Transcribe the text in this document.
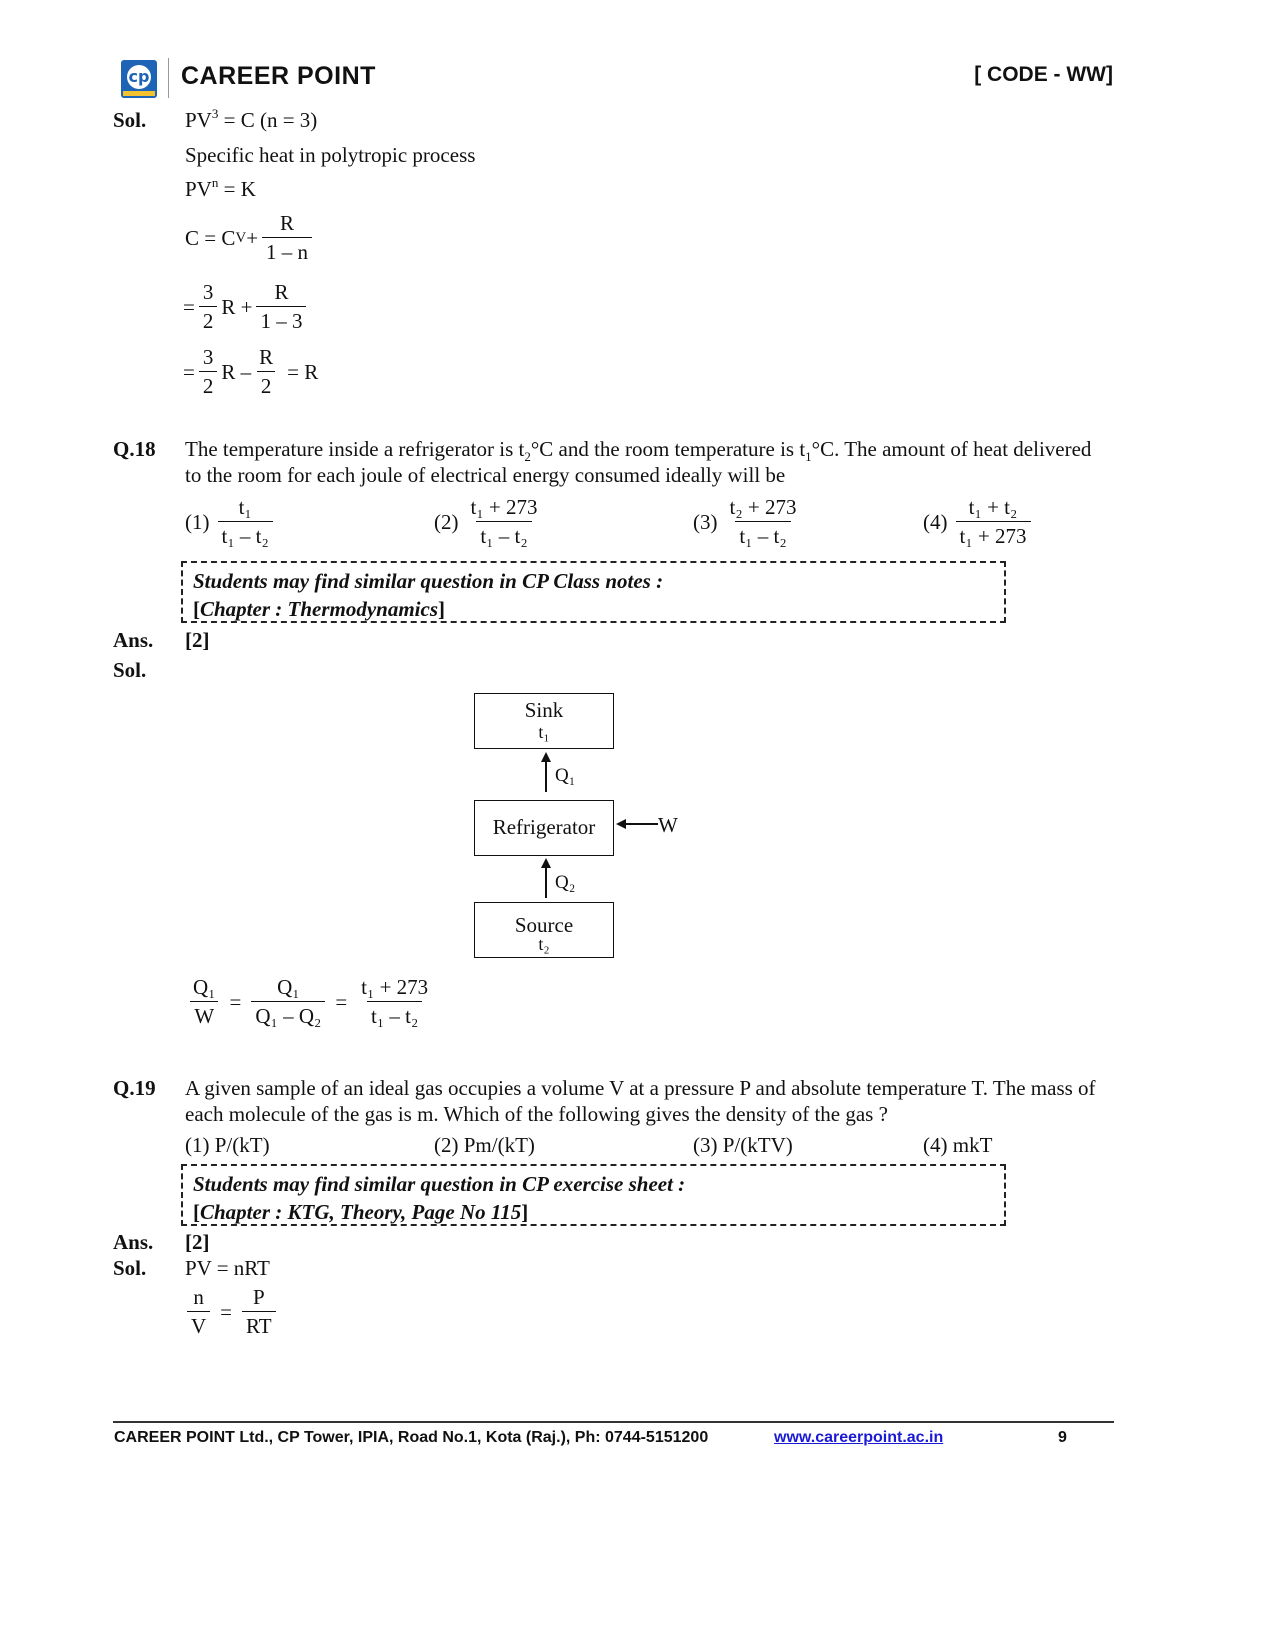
cp CAREER POINT	[ CODE - WW]
Sol. $PV^3 = C$ (n = 3)
Specific heat in polytropic process
$PV^n = K$
C = C $V + \frac{R}{1 - n}$
= $\frac{3}{2}$ $R + \frac{R}{1 - 3}$
= $\frac{3}{2}$ $R - \frac{R}{2} = R$
Q.18 The temperature inside a refrigerator is $t_2^\circ C$ and the room temperature is $t_1^\circ C$. The amount of heat delivered
to the room for each joule of electrical energy consumed ideally will be
$(1) \frac{\text{t₁}}{\text{t₁ – t₂}}$	$(2) \frac{\text{t₁ + 273}}{\text{t₁ – t₂}}$	$(3) \frac{\text{t₂ + 273}}{\text{t₁ – t₂}}$	$(4) \frac{\text{t₁ + t₂}}{\text{t₁ + 273}}$
Students may find similar question in CP Class notes :
[Chapter : Thermodynamics]
Ans. [2]
Sol.
Sink
t₁
Q₁
Refrigerator	W
Q₂
Source
t₂
$\frac{\text{Q₁}}{W} = \frac{\text{Q₁}}{\text{Q₁ – Q₂}} = \frac{\text{t₁ + 273}}{\text{t₁ – t₂}}$
Q.19 A given sample of an ideal gas occupies a volume V at a pressure P and absolute temperature T. The mass of
each molecule of the gas is m. Which of the following gives the density of the gas ?
(1) P/(kT)	(2) Pm/(kT)	(3) P/(kTV)	(4) mkT
Students may find similar question in CP exercise sheet :
[Chapter : KTG, Theory, Page No 115]
Ans. [2]
Sol. PV = nRT
$\frac{n}{V} = \frac{P}{RT}$
CAREER POINT Ltd., CP Tower, IPIA, Road No.1, Kota (Raj.), Ph: 0744-5151200	www.careerpoint.ac.in	9
